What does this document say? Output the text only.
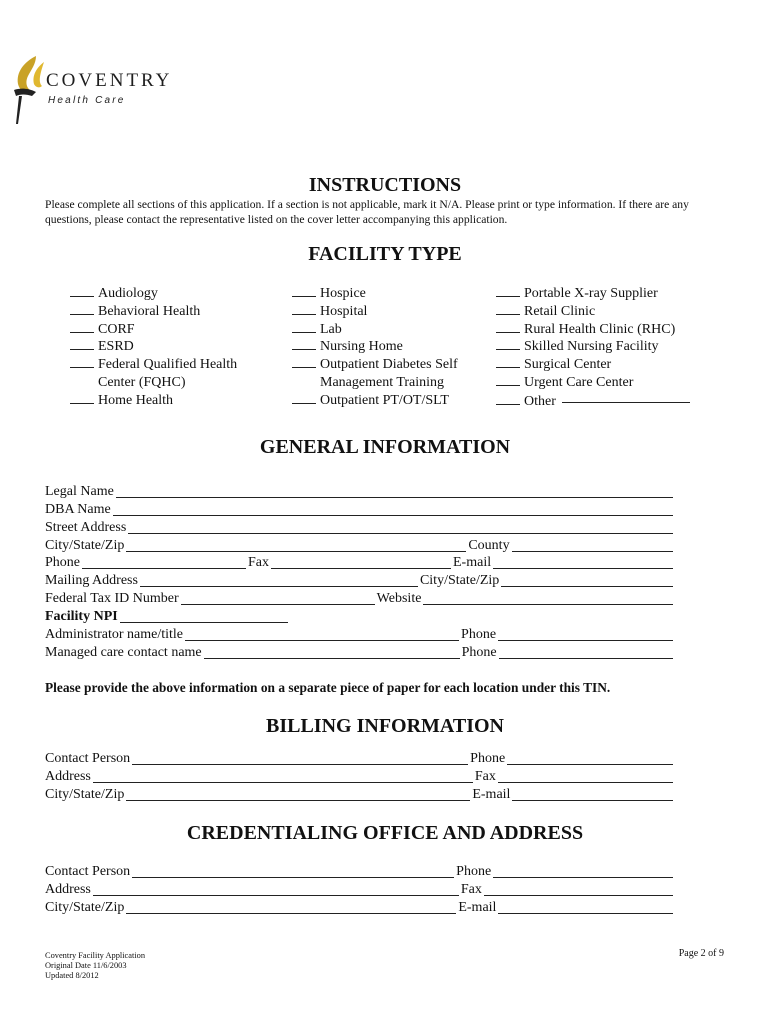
COVENTRY
Health Care
INSTRUCTIONS
Please complete all sections of this application. If a section is not applicable, mark it N/A. Please print or type information. If there are any questions, please contact the representative listed on the cover letter accompanying this application.
FACILITY TYPE
Audiology
Behavioral Health
CORF
ESRD
Federal Qualified Health
Center (FQHC)
Home Health
Hospice
Hospital
Lab
Nursing Home
Outpatient Diabetes Self
Management Training
Outpatient PT/OT/SLT
Portable X-ray Supplier
Retail Clinic
Rural Health Clinic (RHC)
Skilled Nursing Facility
Surgical Center
Urgent Care Center
Other
GENERAL INFORMATION
Legal Name
DBA Name
Street Address
City/State/Zip	County
Phone	Fax	E-mail
Mailing Address	City/State/Zip
Federal Tax ID Number	Website
Facility NPI
Administrator name/title	Phone
Managed care contact name	Phone
Please provide the above information on a separate piece of paper for each location under this TIN.
BILLING INFORMATION
Contact Person	Phone
Address	Fax
City/State/Zip	E-mail
CREDENTIALING OFFICE AND ADDRESS
Contact Person	Phone
Address	Fax
City/State/Zip	E-mail
Coventry Facility Application
Original Date 11/6/2003
Updated 8/2012
Page 2 of 9
